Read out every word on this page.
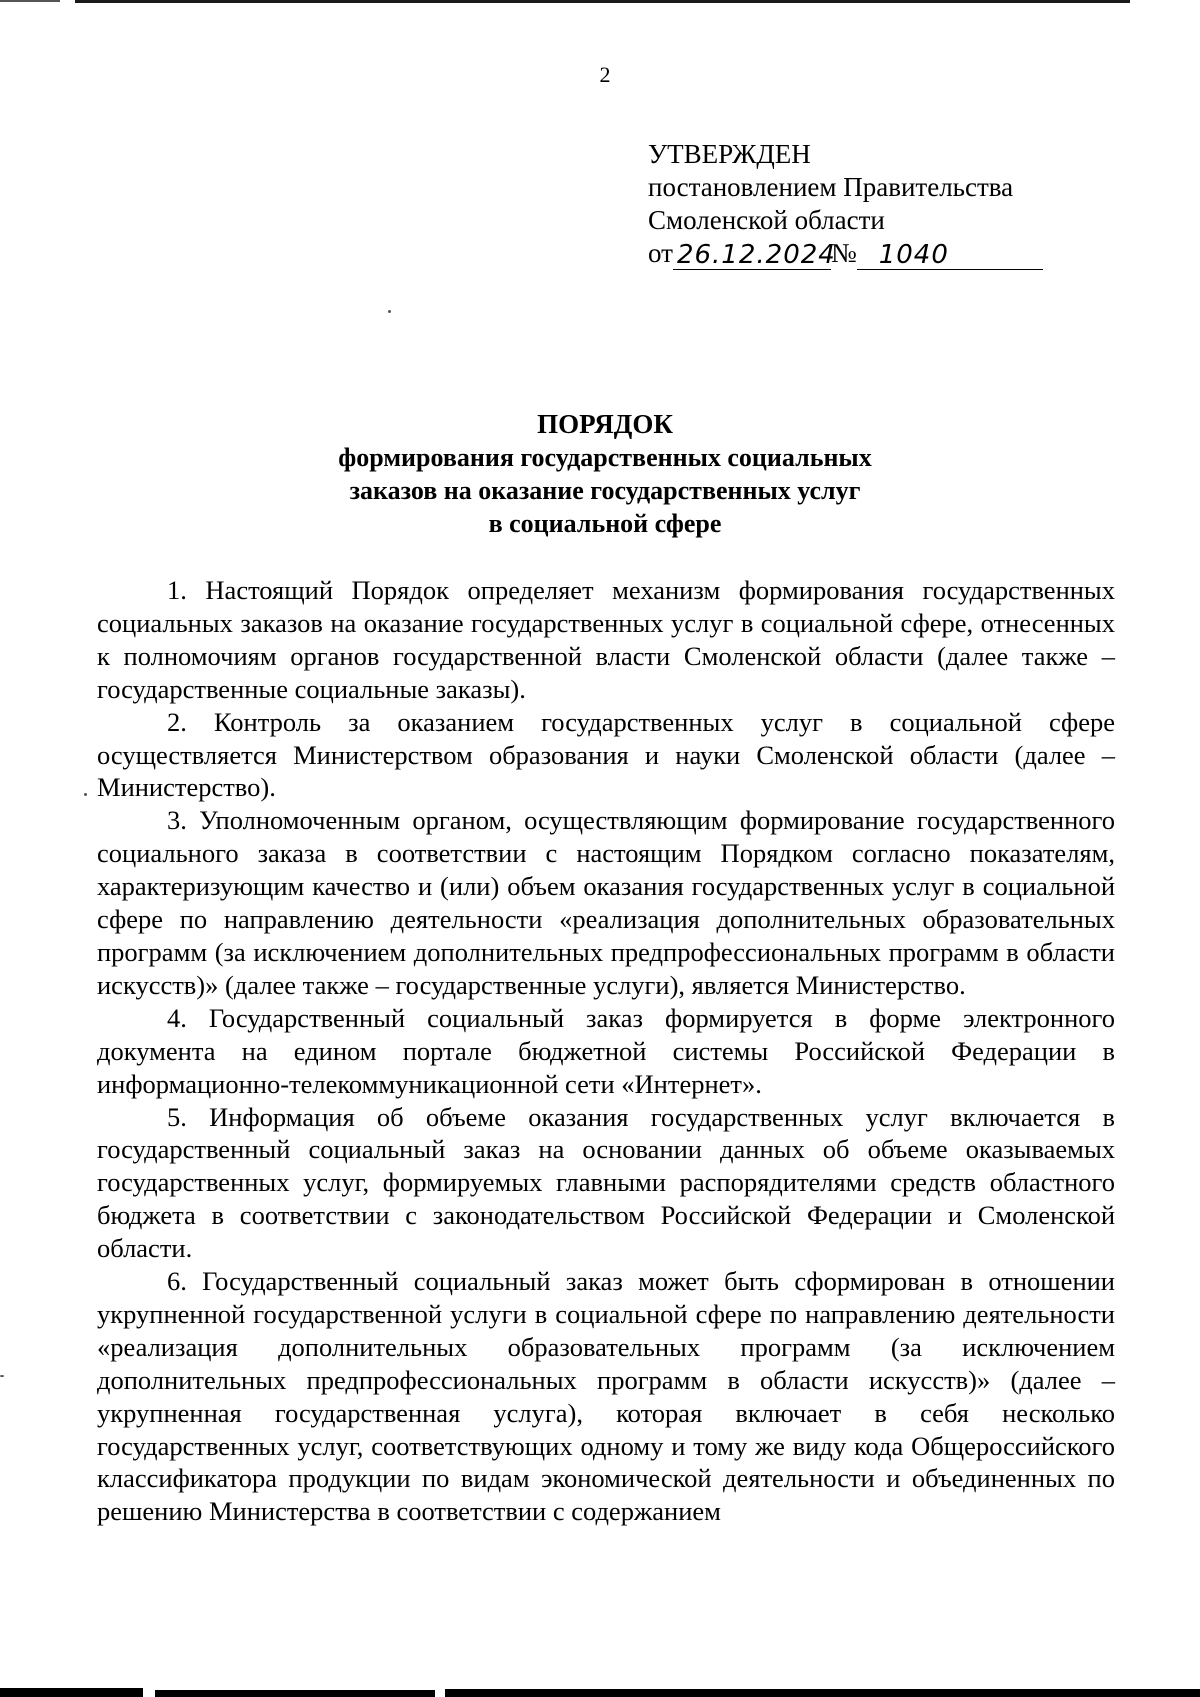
2
УТВЕРЖДЕН
постановлением Правительства
Смоленской области
от 26.12.2024
№ 1040
ПОРЯДОК
формирования государственных социальных
заказов на оказание государственных услуг
в социальной сфере

1. Настоящий Порядок определяет механизм формирования государственных социальных заказов на оказание государственных услуг в социальной сфере, отнесенных к полномочиям органов государственной власти Смоленской области (далее также – государственные социальные заказы).

2. Контроль за оказанием государственных услуг в социальной сфере осуществляется Министерством образования и науки Смоленской области (далее – Министерство).

3. Уполномоченным органом, осуществляющим формирование государственного социального заказа в соответствии с настоящим Порядком согласно показателям, характеризующим качество и (или) объем оказания государственных услуг в социальной сфере по направлению деятельности «реализация дополнительных образовательных программ (за исключением дополнительных предпрофессиональных программ в области искусств)» (далее также – государственные услуги), является Министерство.

4. Государственный социальный заказ формируется в форме электронного документа на едином портале бюджетной системы Российской Федерации в информационно-телекоммуникационной сети «Интернет».

5. Информация об объеме оказания государственных услуг включается в государственный социальный заказ на основании данных об объеме оказываемых государственных услуг, формируемых главными распорядителями средств областного бюджета в соответствии с законодательством Российской Федерации и Смоленской области.

6. Государственный социальный заказ может быть сформирован в отношении укрупненной государственной услуги в социальной сфере по направлению деятельности «реализация дополнительных образовательных программ (за исключением дополнительных предпрофессиональных программ в области искусств)» (далее – укрупненная государственная услуга), которая включает в себя несколько государственных услуг, соответствующих одному и тому же виду кода Общероссийского классификатора продукции по видам экономической деятельности и объединенных по решению Министерства в соответствии с содержанием
